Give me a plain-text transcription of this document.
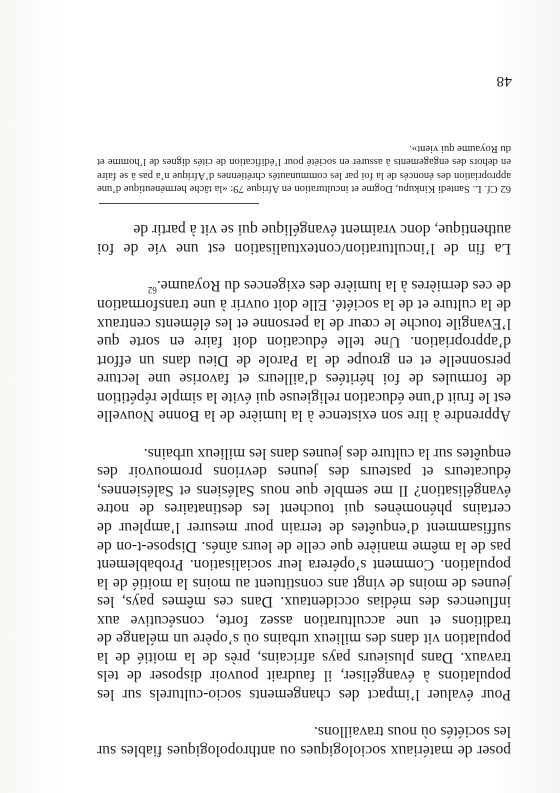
poser de matériaux sociologiques ou anthropologiques fiables sur les sociétés où nous travaillons.

Pour évaluer l’impact des changements socio-culturels sur les populations à évangéliser, il faudrait pouvoir disposer de tels travaux. Dans plusieurs pays africains, près de la moitié de la population vit dans des milieux urbains où s’opère un mélange de traditions et une acculturation assez forte, consécutive aux influences des médias occidentaux. Dans ces mêmes pays, les jeunes de moins de vingt ans constituent au moins la moitié de la population. Comment s’opérera leur socialisation. Probablement pas de la même manière que celle de leurs aînés. Dispose-t-on de suffisamment d’enquêtes de terrain pour mesurer l’ampleur de certains phénomènes qui touchent les destinataires de notre évangélisation? Il me semble que nous Salésiens et Salésiennes, éducateurs et pasteurs des jeunes devrions promouvoir des enquêtes sur la culture des jeunes dans les milieux urbains.

Apprendre à lire son existence à la lumière de la Bonne Nouvelle est le fruit d’une éducation religieuse qui évite la simple répétition de formules de foi héritées d’ailleurs et favorise une lecture personnelle et en groupe de la Parole de Dieu dans un effort d’appropriation. Une telle éducation doit faire en sorte que l’Evangile touche le cœur de la personne et les éléments centraux de la culture et de la société. Elle doit ouvrir à une transformation de ces dernières à la lumière des exigences du Royaume.$^{62}$

La fin de l’inculturation/contextualisation est une vie de foi authentique, donc vraiment évangélique qui se vit à partir de

62 Cf. L. Santedi Kinkupu, Dogme et inculturation en Afrique 79: «la tâche herméneutique d’une appropriation des énoncés de la foi par les communautés chrétiennes d’Afrique n’a pas à se faire en dehors des engagements à assurer en société pour l’édification de cités dignes de l’homme et du Royaume qui vient».

48
